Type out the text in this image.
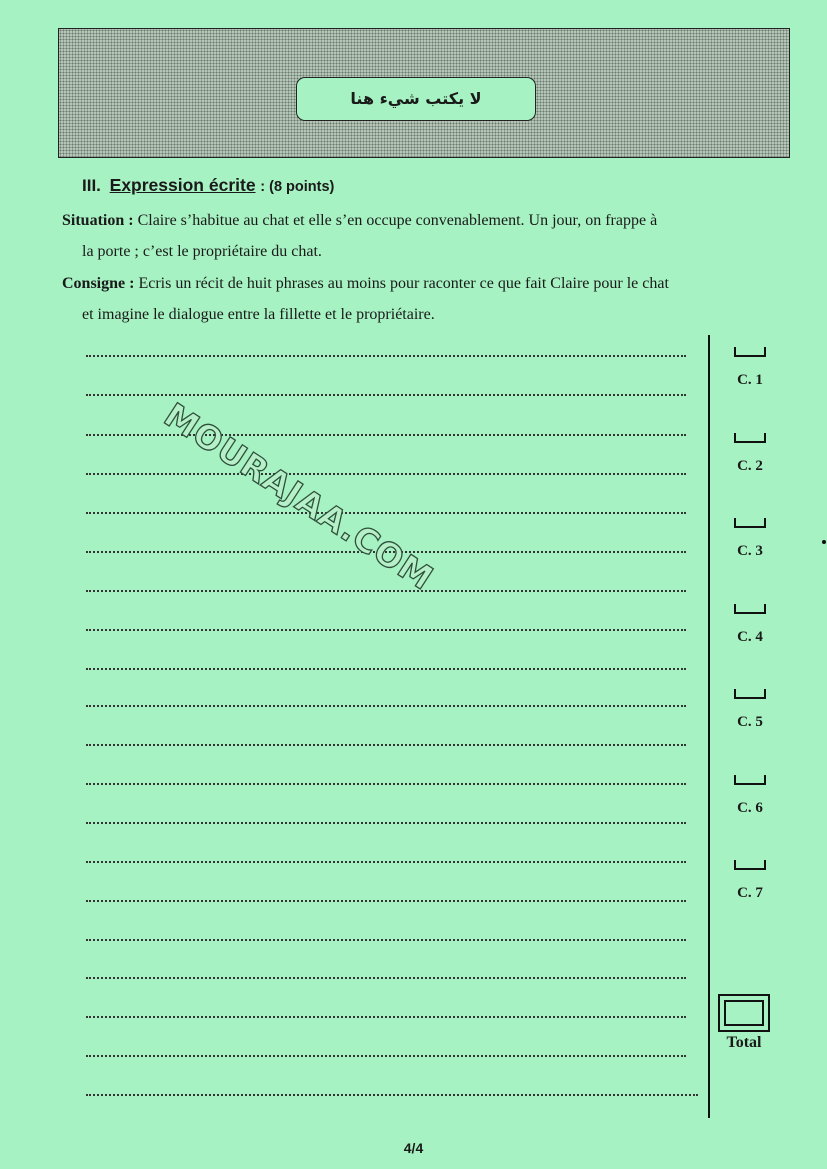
لا يكتب شيء هنا
III. Expression écrite : (8 points)
Situation : Claire s’habitue au chat et elle s’en occupe convenablement. Un jour, on frappe à
la porte ; c’est le propriétaire du chat.
Consigne : Ecris un récit de huit phrases au moins pour raconter ce que fait Claire pour le chat
et imagine le dialogue entre la fillette et le propriétaire.
C. 1
C. 2
C. 3
C. 4
C. 5
C. 6
C. 7
Total
MOURAJAA.COM
4/4
